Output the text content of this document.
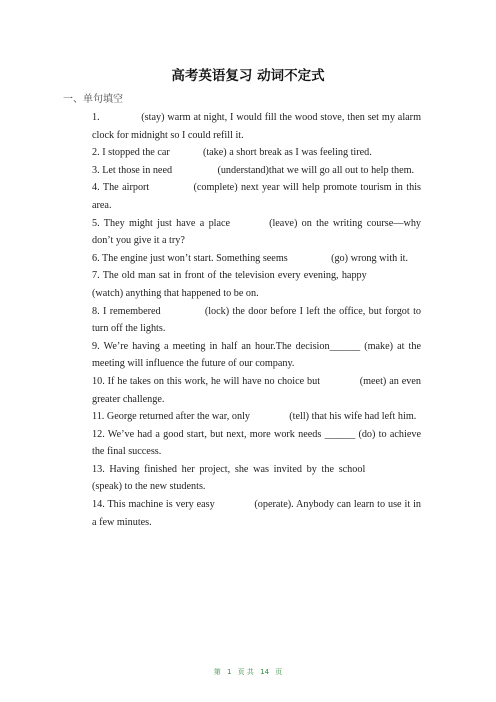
高考英语复习 动词不定式
一、单句填空
1.	(stay) warm at night, I would fill the wood stove, then set my alarm clock for midnight so I could refill it.
2. I stopped the car	(take) a short break as I was feeling tired.
3. Let those in need	(understand)that we will go all out to help them.
4. The airport	(complete) next year will help promote tourism in this area.
5. They might just have a place	(leave) on the writing course—why don’t you give it a try?
6. The engine just won’t start. Something seems	(go) wrong with it.
7. The old man sat in front of the television every evening, happy (watch) anything that happened to be on.
8. I remembered	(lock) the door before I left the office, but forgot to turn off the lights.
9. We’re having a meeting in half an hour.The decision______ (make) at the meeting will influence the future of our company.
10. If he takes on this work, he will have no choice but	(meet) an even greater challenge.
11. George returned after the war, only	(tell) that his wife had left him.
12. We’ve had a good start, but next, more work needs ______ (do) to achieve the final success.
13. Having finished her project, she was invited by the school (speak) to the new students.
14. This machine is very easy	(operate). Anybody can learn to use it in a few minutes.
第 1 页 共 14 页
